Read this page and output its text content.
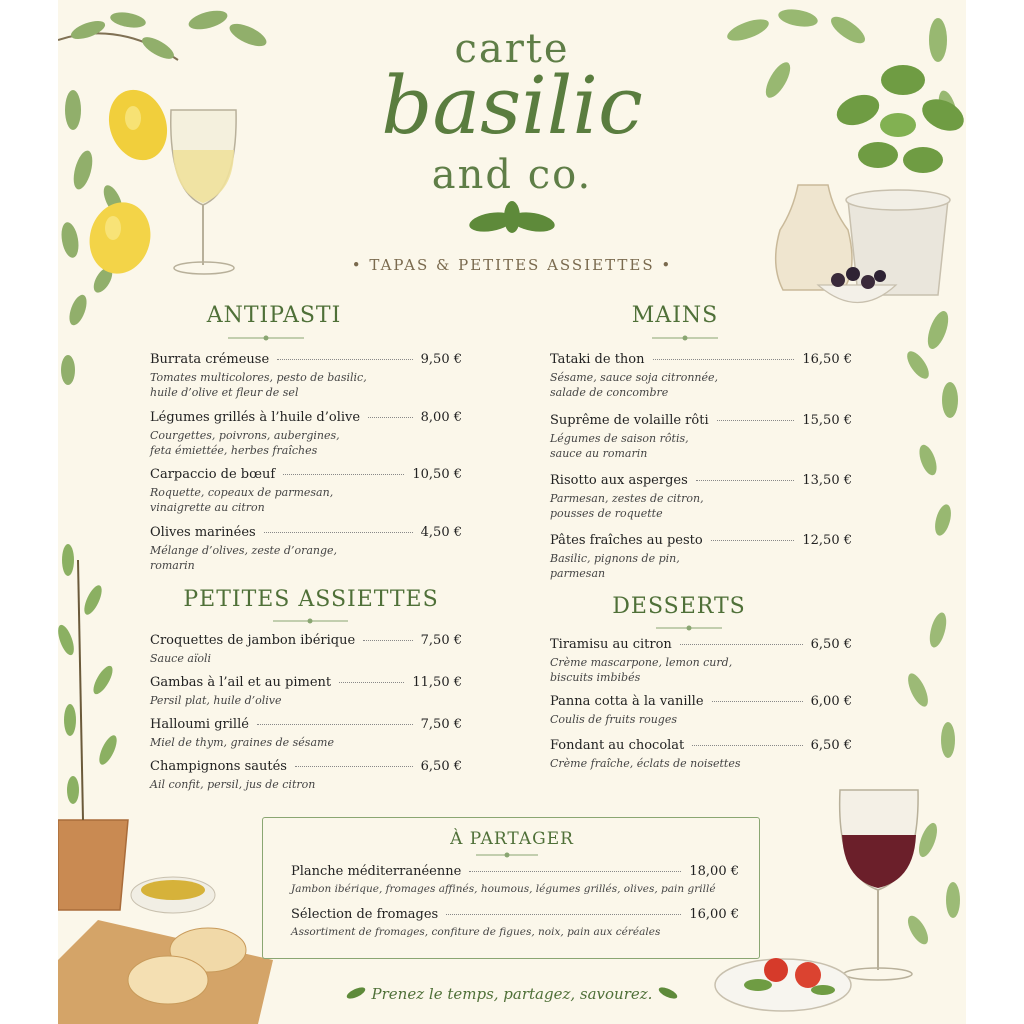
carte
basilic
and co.
• TAPAS & PETITES ASSIETTES •
ANTIPASTI
Burrata crémeuse	9,50 €
Tomates multicolores, pesto de basilic,
huile d’olive et fleur de sel
Légumes grillés à l’huile d’olive	8,00 €
Courgettes, poivrons, aubergines,
feta émiettée, herbes fraîches
Carpaccio de bœuf	10,50 €
Roquette, copeaux de parmesan,
vinaigrette au citron
Olives marinées	4,50 €
Mélange d’olives, zeste d’orange,
romarin
MAINS
Tataki de thon	16,50 €
Sésame, sauce soja citronnée,
salade de concombre
Suprême de volaille rôti	15,50 €
Légumes de saison rôtis,
sauce au romarin
Risotto aux asperges	13,50 €
Parmesan, zestes de citron,
pousses de roquette
Pâtes fraîches au pesto	12,50 €
Basilic, pignons de pin,
parmesan
PETITES ASSIETTES
Croquettes de jambon ibérique	7,50 €
Sauce aïoli
Gambas à l’ail et au piment	11,50 €
Persil plat, huile d’olive
Halloumi grillé	7,50 €
Miel de thym, graines de sésame
Champignons sautés	6,50 €
Ail confit, persil, jus de citron
DESSERTS
Tiramisu au citron	6,50 €
Crème mascarpone, lemon curd,
biscuits imbibés
Panna cotta à la vanille	6,00 €
Coulis de fruits rouges
Fondant au chocolat	6,50 €
Crème fraîche, éclats de noisettes
À PARTAGER
Planche méditerranéenne	18,00 €
Jambon ibérique, fromages affinés, houmous, légumes grillés, olives, pain grillé
Sélection de fromages	16,00 €
Assortiment de fromages, confiture de figues, noix, pain aux céréales
Prenez le temps, partagez, savourez.
